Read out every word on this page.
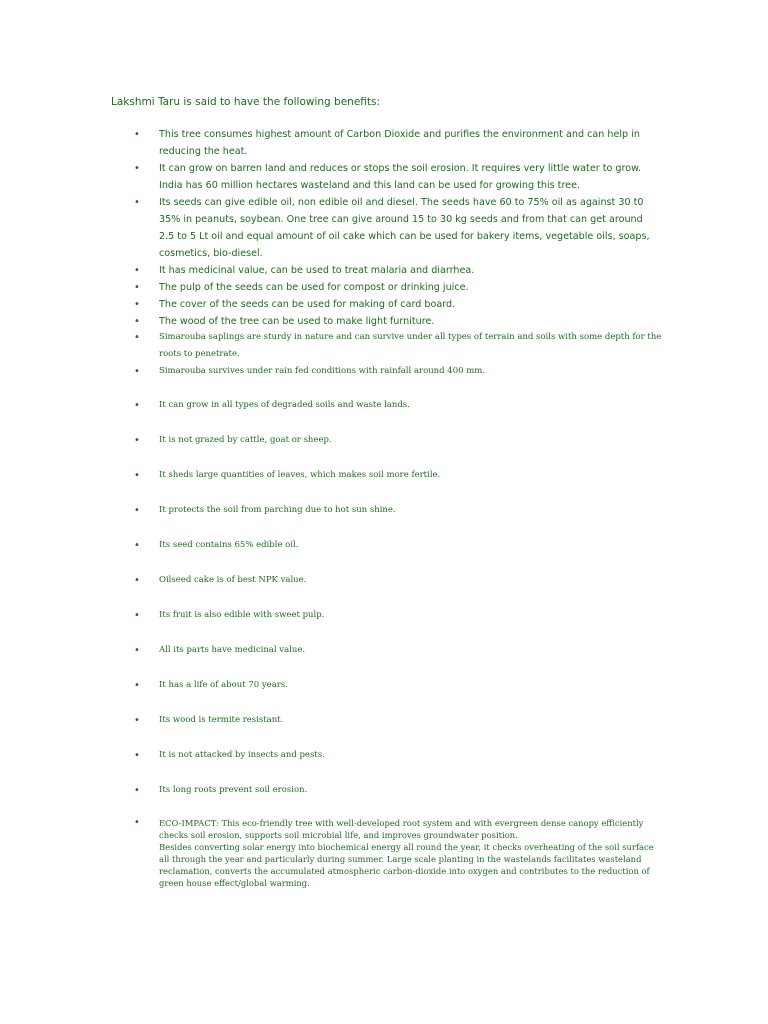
Lakshmi Taru is said to have the following benefits:
• This tree consumes highest amount of Carbon Dioxide and purifies the environment and can help in reducing the heat.
• It can grow on barren land and reduces or stops the soil erosion. It requires very little water to grow. India has 60 million hectares wasteland and this land can be used for growing this tree.
• Its seeds can give edible oil, non edible oil and diesel. The seeds have 60 to 75% oil as against 30 t0 35% in peanuts, soybean. One tree can give around 15 to 30 kg seeds and from that can get around 2.5 to 5 Lt oil and equal amount of oil cake which can be used for bakery items, vegetable oils, soaps, cosmetics, bio-diesel.
• It has medicinal value, can be used to treat malaria and diarrhea.
• The pulp of the seeds can be used for compost or drinking juice.
• The cover of the seeds can be used for making of card board.
• The wood of the tree can be used to make light furniture.
• Simarouba saplings are sturdy in nature and can survive under all types of terrain and soils with some depth for the roots to penetrate.
• Simarouba survives under rain fed conditions with rainfall around 400 mm.
• It can grow in all types of degraded soils and waste lands.
• It is not grazed by cattle, goat or sheep.
• It sheds large quantities of leaves, which makes soil more fertile.
• It protects the soil from parching due to hot sun shine.
• Its seed contains 65% edible oil.
• Oilseed cake is of best NPK value.
• Its fruit is also edible with sweet pulp.
• All its parts have medicinal value.
• It has a life of about 70 years.
• Its wood is termite resistant.
• It is not attacked by insects and pests.
• Its long roots prevent soil erosion.
• ECO-IMPACT: This eco-friendly tree with well-developed root system and with evergreen dense canopy efficiently checks soil erosion, supports soil microbial life, and improves groundwater position.
Besides converting solar energy into biochemical energy all round the year, it checks overheating of the soil surface all through the year and particularly during summer. Large scale planting in the wastelands facilitates wasteland reclamation, converts the accumulated atmospheric carbon-dioxide into oxygen and contributes to the reduction of green house effect/global warming.
